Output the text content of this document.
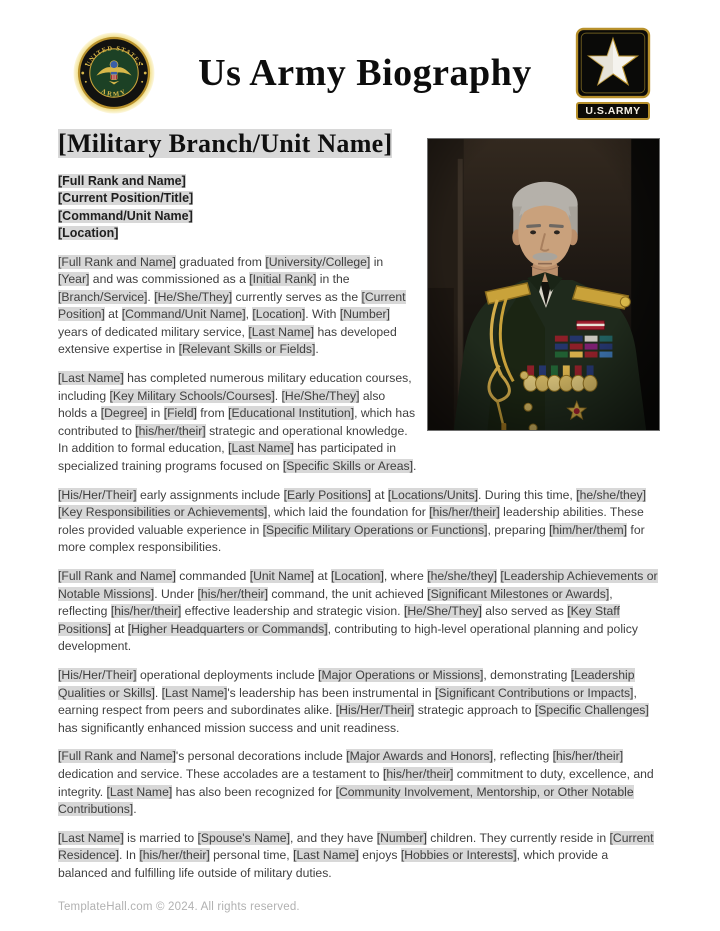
UNITED STATES
ARMY	Us Army Biography
U.S.ARMY
[Military Branch/Unit Name]
[Full Rank and Name]
[Current Position/Title]
[Command/Unit Name]
[Location]

[Full Rank and Name] graduated from [University/College] in [Year] and was commissioned as a [Initial Rank] in the [Branch/Service]. [He/She/They] currently serves as the [Current Position] at [Command/Unit Name], [Location]. With [Number] years of dedicated military service, [Last Name] has developed extensive expertise in [Relevant Skills or Fields].

[Last Name] has completed numerous military education courses, including [Key Military Schools/Courses]. [He/She/They] also holds a [Degree] in [Field] from [Educational Institution], which has contributed to [his/her/their] strategic and operational knowledge. In addition to formal education, [Last Name] has participated in specialized training programs focused on [Specific Skills or Areas].

[His/Her/Their] early assignments include [Early Positions] at [Locations/Units]. During this time, [he/she/they] [Key Responsibilities or Achievements], which laid the foundation for [his/her/their] leadership abilities. These roles provided valuable experience in [Specific Military Operations or Functions], preparing [him/her/them] for more complex responsibilities.

[Full Rank and Name] commanded [Unit Name] at [Location], where [he/she/they] [Leadership Achievements or Notable Missions]. Under [his/her/their] command, the unit achieved [Significant Milestones or Awards], reflecting [his/her/their] effective leadership and strategic vision. [He/She/They] also served as [Key Staff Positions] at [Higher Headquarters or Commands], contributing to high-level operational planning and policy development.

[His/Her/Their] operational deployments include [Major Operations or Missions], demonstrating [Leadership Qualities or Skills]. [Last Name]'s leadership has been instrumental in [Significant Contributions or Impacts], earning respect from peers and subordinates alike. [His/Her/Their] strategic approach to [Specific Challenges] has significantly enhanced mission success and unit readiness.

[Full Rank and Name]'s personal decorations include [Major Awards and Honors], reflecting [his/her/their] dedication and service. These accolades are a testament to [his/her/their] commitment to duty, excellence, and integrity. [Last Name] has also been recognized for [Community Involvement, Mentorship, or Other Notable Contributions].

[Last Name] is married to [Spouse's Name], and they have [Number] children. They currently reside in [Current Residence]. In [his/her/their] personal time, [Last Name] enjoys [Hobbies or Interests], which provide a balanced and fulfilling life outside of military duties.

TemplateHall.com © 2024. All rights reserved.
